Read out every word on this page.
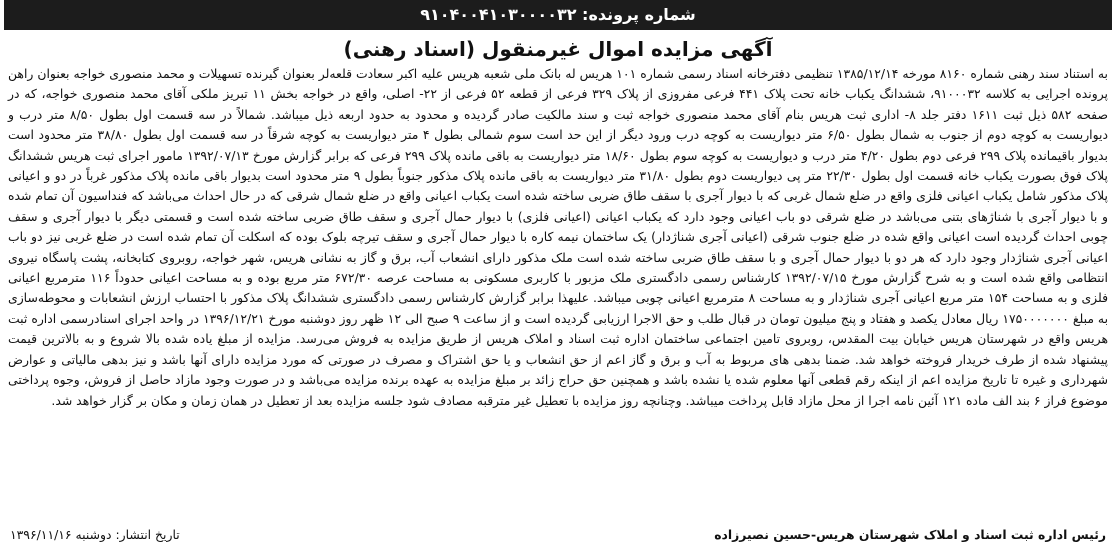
شماره پرونده: ۹۱۰۴۰۰۴۱۰۳۰۰۰۰۳۲
آگهی مزایده اموال غیرمنقول (اسناد رهنی)

به استناد سند رهنی شماره ۸۱۶۰ مورخه ۱۳۸۵/۱۲/۱۴ تنظیمی دفترخانه اسناد رسمی شماره ۱۰۱ هریس له بانک ملی شعبه هریس علیه اکبر سعادت قلعه‌لر بعنوان گیرنده تسهیلات و محمد منصوری خواجه بعنوان راهن پرونده اجرایی به کلاسه ۹۱۰۰۰۳۲، ششدانگ یکباب خانه تحت پلاک ۴۴۱ فرعی مفروزی از پلاک ۳۲۹ فرعی از قطعه ۵۲ فرعی از ۲۲- اصلی، واقع در خواجه بخش ۱۱ تبریز ملکی آقای محمد منصوری خواجه، که در صفحه ۵۸۲ ذیل ثبت ۱۶۱۱ دفتر جلد ۸- اداری ثبت هریس بنام آقای محمد منصوری خواجه ثبت و سند مالکیت صادر گردیده و محدود به حدود اربعه ذیل میباشد. شمالاً در سه قسمت اول بطول ۸/۵۰ متر درب و دیواریست به کوچه دوم از جنوب به شمال بطول ۶/۵۰ متر دیواریست به کوچه درب ورود دیگر از این حد است سوم شمالی بطول ۴ متر دیواریست به کوچه شرقاً در سه قسمت اول بطول ۳۸/۸۰ متر محدود است بدیوار باقیمانده پلاک ۲۹۹ فرعی دوم بطول ۴/۲۰ متر درب و دیواریست به کوچه سوم بطول ۱۸/۶۰ متر دیواریست به باقی مانده پلاک ۲۹۹ فرعی که برابر گزارش مورخ ۱۳۹۲/۰۷/۱۳ مامور اجرای ثبت هریس ششدانگ پلاک فوق بصورت یکباب خانه قسمت اول بطول ۲۲/۳۰ متر پی دیواریست دوم بطول ۳۱/۸۰ متر دیواریست به باقی مانده پلاک مذکور جنوباً بطول ۹ متر محدود است بدیوار باقی مانده پلاک مذکور غرباً در دو و اعیانی پلاک مذکور شامل یکباب اعیانی فلزی واقع در ضلع شمال غربی که با دیوار آجری با سقف طاق ضربی ساخته شده است یکباب اعیانی واقع در ضلع شمال شرقی که در حال احداث می‌باشد که فنداسیون آن تمام شده و با دیوار آجری با شناژهای بتنی می‌باشد در ضلع شرقی دو باب اعیانی وجود دارد که یکباب اعیانی (اعیانی فلزی) با دیوار حمال آجری و سقف طاق ضربی ساخته شده است و قسمتی دیگر با دیوار آجری و سقف چوبی احداث گردیده است اعیانی واقع شده در ضلع جنوب شرقی (اعیانی آجری شناژدار) یک ساختمان نیمه کاره با دیوار حمال آجری و سقف تیرچه بلوک بوده که اسکلت آن تمام شده است در ضلع غربی نیز دو باب اعیانی آجری شناژدار وجود دارد که هر دو با دیوار حمال آجری و با سقف طاق ضربی ساخته شده است ملک مذکور دارای انشعاب آب، برق و گاز به نشانی هریس، شهر خواجه، روبروی کتابخانه، پشت پاسگاه نیروی انتظامی واقع شده است و به شرح گزارش مورخ ۱۳۹۲/۰۷/۱۵ کارشناس رسمی دادگستری ملک مزبور با کاربری مسکونی به مساحت عرصه ۶۷۲/۳۰ متر مربع بوده و به مساحت اعیانی حدوداً ۱۱۶ مترمربع اعیانی فلزی و به مساحت ۱۵۴ متر مربع اعیانی آجری شناژدار و به مساحت ۸ مترمربع اعیانی چوبی میباشد. علیهذا برابر گزارش کارشناس رسمی دادگستری ششدانگ پلاک مذکور با احتساب ارزش انشعابات و محوطه‌سازی به مبلغ ۱۷۵۰۰۰۰۰۰۰ ریال معادل یکصد و هفتاد و پنج میلیون تومان در قبال طلب و حق الاجرا ارزیابی گردیده است و از ساعت ۹ صبح الی ۱۲ ظهر روز دوشنبه مورخ ۱۳۹۶/۱۲/۲۱ در واحد اجرای اسنادرسمی اداره ثبت هریس واقع در شهرستان هریس خیابان بیت المقدس، روبروی تامین اجتماعی ساختمان اداره ثبت اسناد و املاک هریس از طریق مزایده به فروش می‌رسد. مزایده از مبلغ یاده شده بالا شروع و به بالاترین قیمت پیشنهاد شده از طرف خریدار فروخته خواهد شد. ضمنا بدهی های مربوط به آب و برق و گاز اعم از حق انشعاب و یا حق اشتراک و مصرف در صورتی که مورد مزایده دارای آنها باشد و نیز بدهی مالیاتی و عوارض شهرداری و غیره تا تاریخ مزایده اعم از اینکه رقم قطعی آنها معلوم شده یا نشده باشد و همچنین حق حراج زائد بر مبلغ مزایده به عهده برنده مزایده می‌باشد و در صورت وجود مازاد حاصل از فروش، وجوه پرداختی موضوع فراز ۶ بند الف ماده ۱۲۱ آئین نامه اجرا از محل مازاد قابل پرداخت میباشد. وچنانچه روز مزایده با تعطیل غیر مترقبه مصادف شود جلسه مزایده بعد از تعطیل در همان زمان و مکان بر گزار خواهد شد.

رئیس اداره ثبت اسناد و املاک شهرستان هریس-حسین نصیرزاده
تاریخ انتشار: دوشنبه ۱۳۹۶/۱۱/۱۶
